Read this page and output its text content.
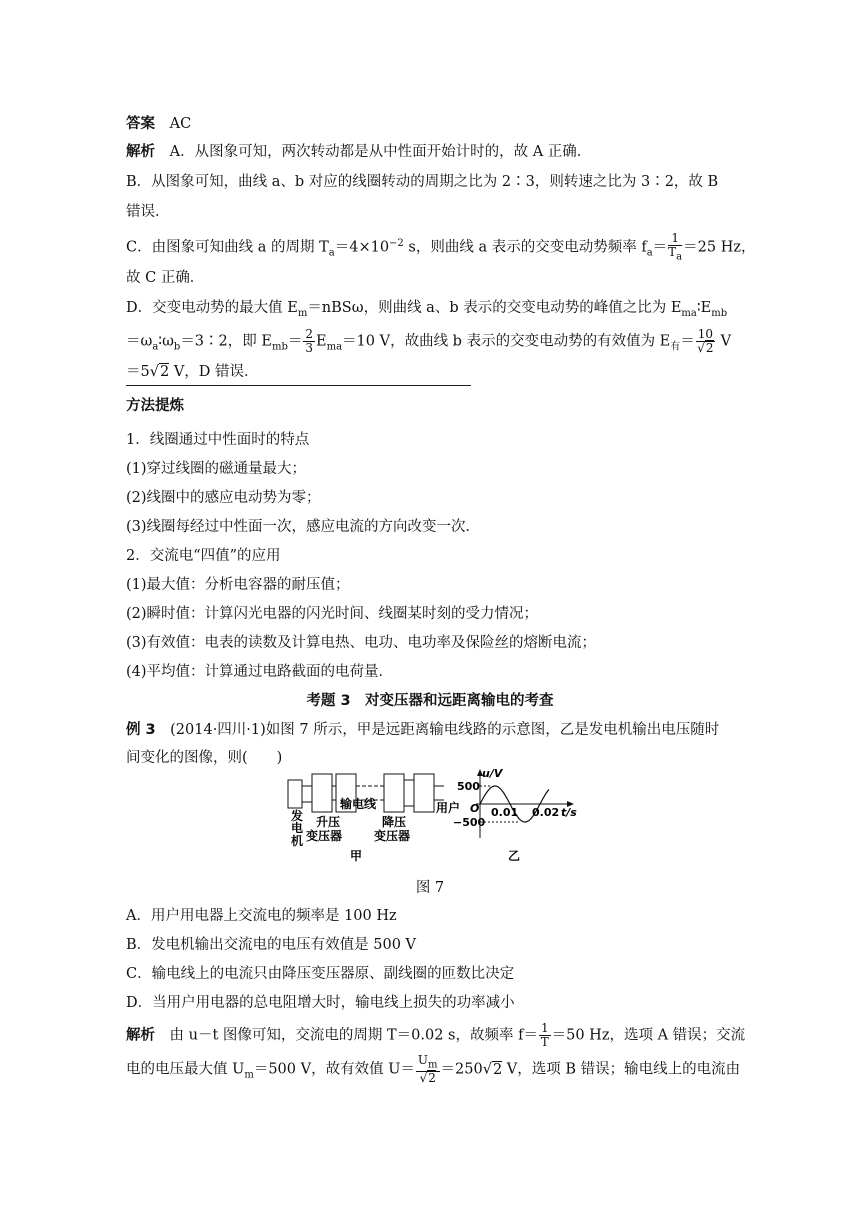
答案 AC
解析 A．从图象可知，两次转动都是从中性面开始计时的，故 A 正确．
B．从图象可知，曲线 a、b 对应的线圈转动的周期之比为 2∶3，则转速之比为 3∶2，故 B
错误．
C．由图象可知曲线 a 的周期 $T_a=4\times 10^{-2}$ s，则曲线 a 表示的交变电动势频率 $f_a= \frac{1}{T_a} =25$ Hz，
故 C 正确．
D．交变电动势的最大值 $E_m=nBS\omega$，则曲线 a、b 表示的交变电动势的峰值之比为 $E_{ma}∶E_{mb}$
$=\omega_a∶\omega_b=3∶2$，即 $E_{mb}= \frac{2}{3} E_{ma}=10$ V，故曲线 b 表示的交变电动势的有效值为 $E_有= \frac{10}{√2}$ V
＝5√2 V，D 错误．
方法提炼
1．线圈通过中性面时的特点
(1)穿过线圈的磁通量最大；
(2)线圈中的感应电动势为零；
(3)线圈每经过中性面一次，感应电流的方向改变一次．
2．交流电“四值”的应用
(1)最大值：分析电容器的耐压值；
(2)瞬时值：计算闪光电器的闪光时间、线圈某时刻的受力情况；
(3)有效值：电表的读数及计算电热、电功、电功率及保险丝的熔断电流；
(4)平均值：计算通过电路截面的电荷量．
考题 3　对变压器和远距离输电的考查
例 3　(2014·四川·1)如图 7 所示，甲是远距离输电线路的示意图，乙是发电机输出电压随时
间变化的图像，则(　　)
发
电
机
升压
变压器
输电线
降压
变压器
用户
甲
u/V
t/s
O
500
−500
0.01 0.02
乙
图 7
A．用户用电器上交流电的频率是 100 Hz
B．发电机输出交流电的电压有效值是 500 V
C．输电线上的电流只由降压变压器原、副线圈的匝数比决定
D．当用户用电器的总电阻增大时，输电线上损失的功率减小
解析　由 u－t 图像可知，交流电的周期 T＝0.02 s，故频率 $f= \frac{1}{T} =50$ Hz，选项 A 错误；交流
电的电压最大值 $U_m=500$ V，故有效值 $U= \frac{U_m}{√2} =250√2$ V，选项 B 错误；输电线上的电流由
